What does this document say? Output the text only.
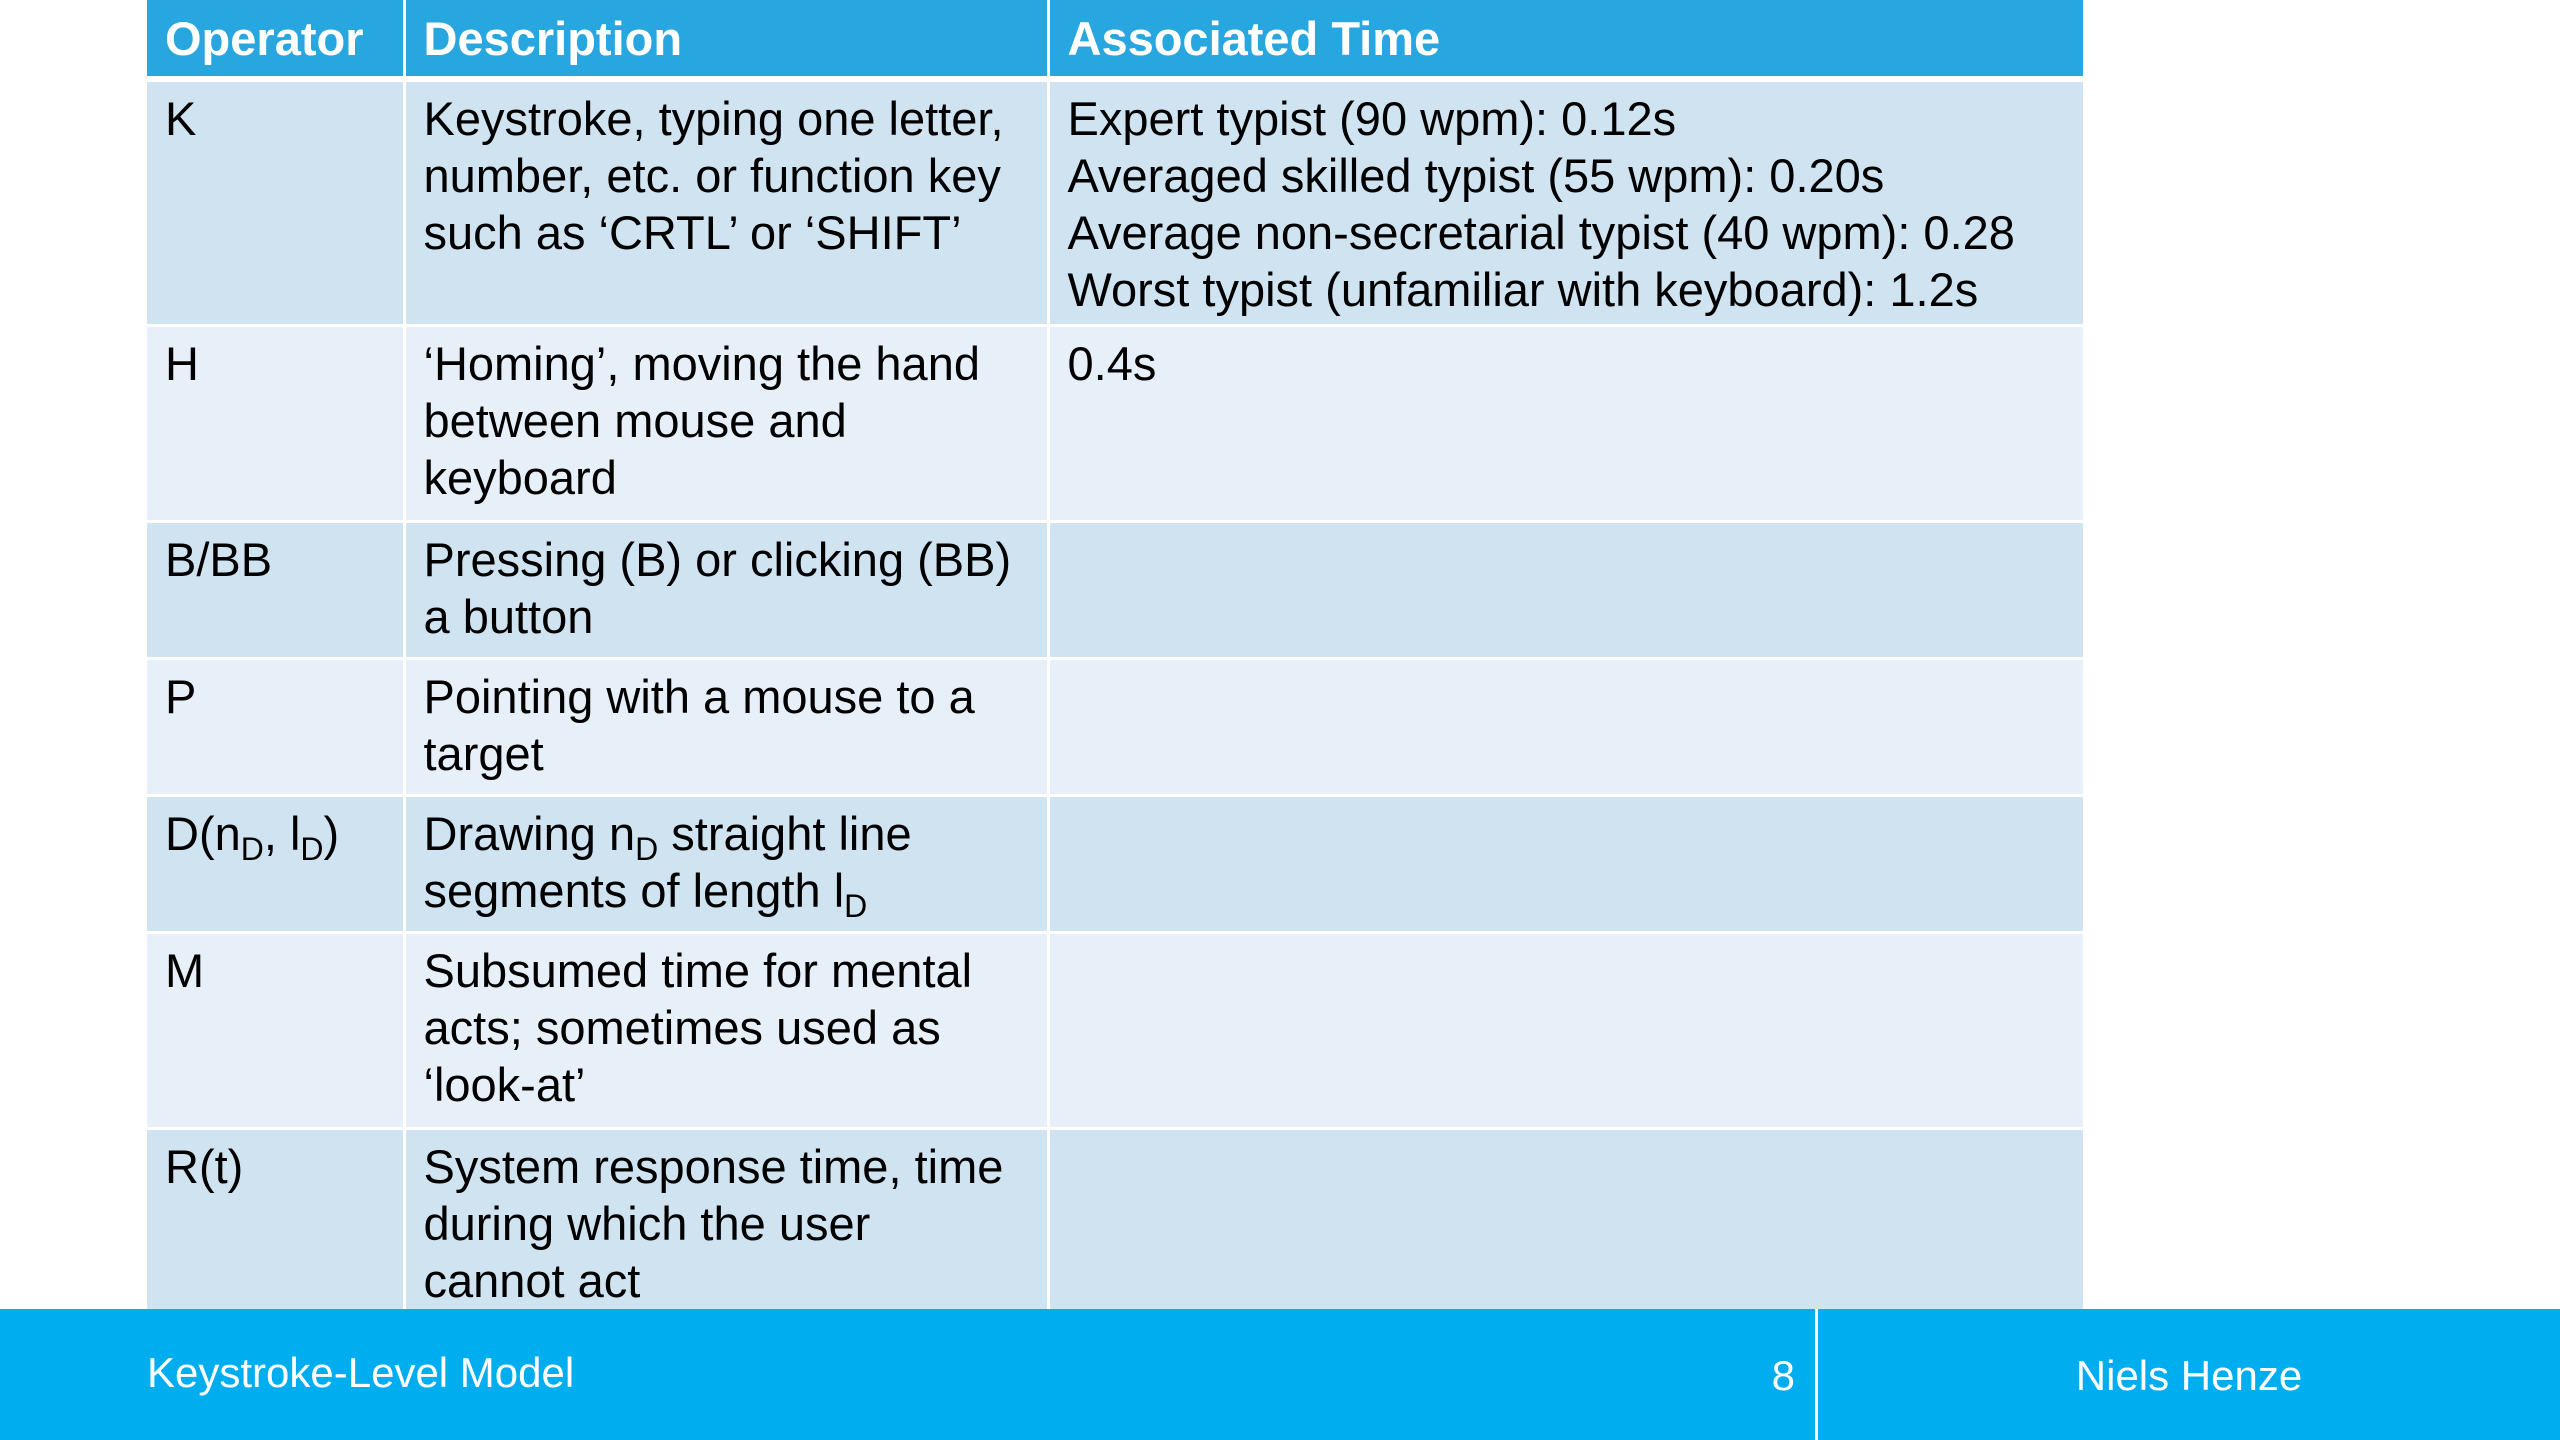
Operator	Description	Associated Time
K	Keystroke, typing one letter,
number, etc. or function key
such as ‘CRTL’ or ‘SHIFT’	Expert typist (90 wpm): 0.12s
Averaged skilled typist (55 wpm): 0.20s
Average non-secretarial typist (40 wpm): 0.28
Worst typist (unfamiliar with keyboard): 1.2s

H	‘Homing’, moving the hand
between mouse and
keyboard	0.4s

B/BB	Pressing (B) or clicking (BB)
a button	

P	Pointing with a mouse to a
target	

$D(n_D$, $l_D$)	Drawing $n_D$ straight line
segments of length $l_D$

M	Subsumed time for mental
acts; sometimes used as
‘look-at’	

R(t)	System response time, time
during which the user
cannot act	

Keystroke-Level Model	8	Niels Henze
